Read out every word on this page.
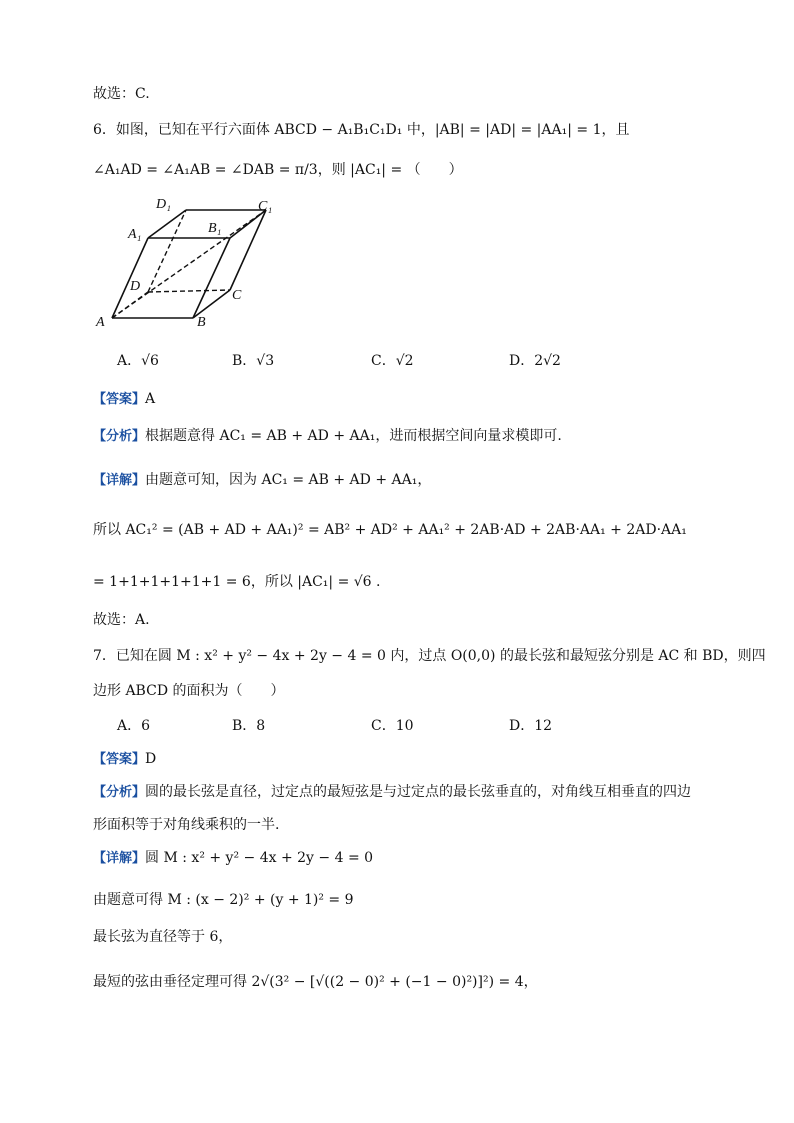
故选：C.
6．如图，已知在平行六面体 ABCD − A₁B₁C₁D₁ 中，|AB| = |AD| = |AA₁| = 1，且
∠A₁AD = ∠A₁AB = ∠DAB = π/3，则 |AC₁| = （　　）
D₁	C₁
A₁	B₁
D
C
A	B
A．√6	B．√3	C．√2	D．2√2
【答案】A
【分析】根据题意得 AC₁ = AB + AD + AA₁，进而根据空间向量求模即可.
【详解】由题意可知，因为 AC₁ = AB + AD + AA₁，
所以 AC₁² = (AB + AD + AA₁)² = AB² + AD² + AA₁² + 2AB·AD + 2AB·AA₁ + 2AD·AA₁
= 1+1+1+1+1+1 = 6，所以 |AC₁| = √6 .
故选：A.
7．已知在圆 M : x² + y² − 4x + 2y − 4 = 0 内，过点 O(0,0) 的最长弦和最短弦分别是 AC 和 BD，则四
边形 ABCD 的面积为（　　）
A．6	B．8	C．10	D．12
【答案】D
【分析】圆的最长弦是直径，过定点的最短弦是与过定点的最长弦垂直的，对角线互相垂直的四边
形面积等于对角线乘积的一半.
【详解】圆 M : x² + y² − 4x + 2y − 4 = 0
由题意可得 M : (x − 2)² + (y + 1)² = 9
最长弦为直径等于 6，
最短的弦由垂径定理可得 2√(3² − [√((2 − 0)² + (−1 − 0)²)]²) = 4，
